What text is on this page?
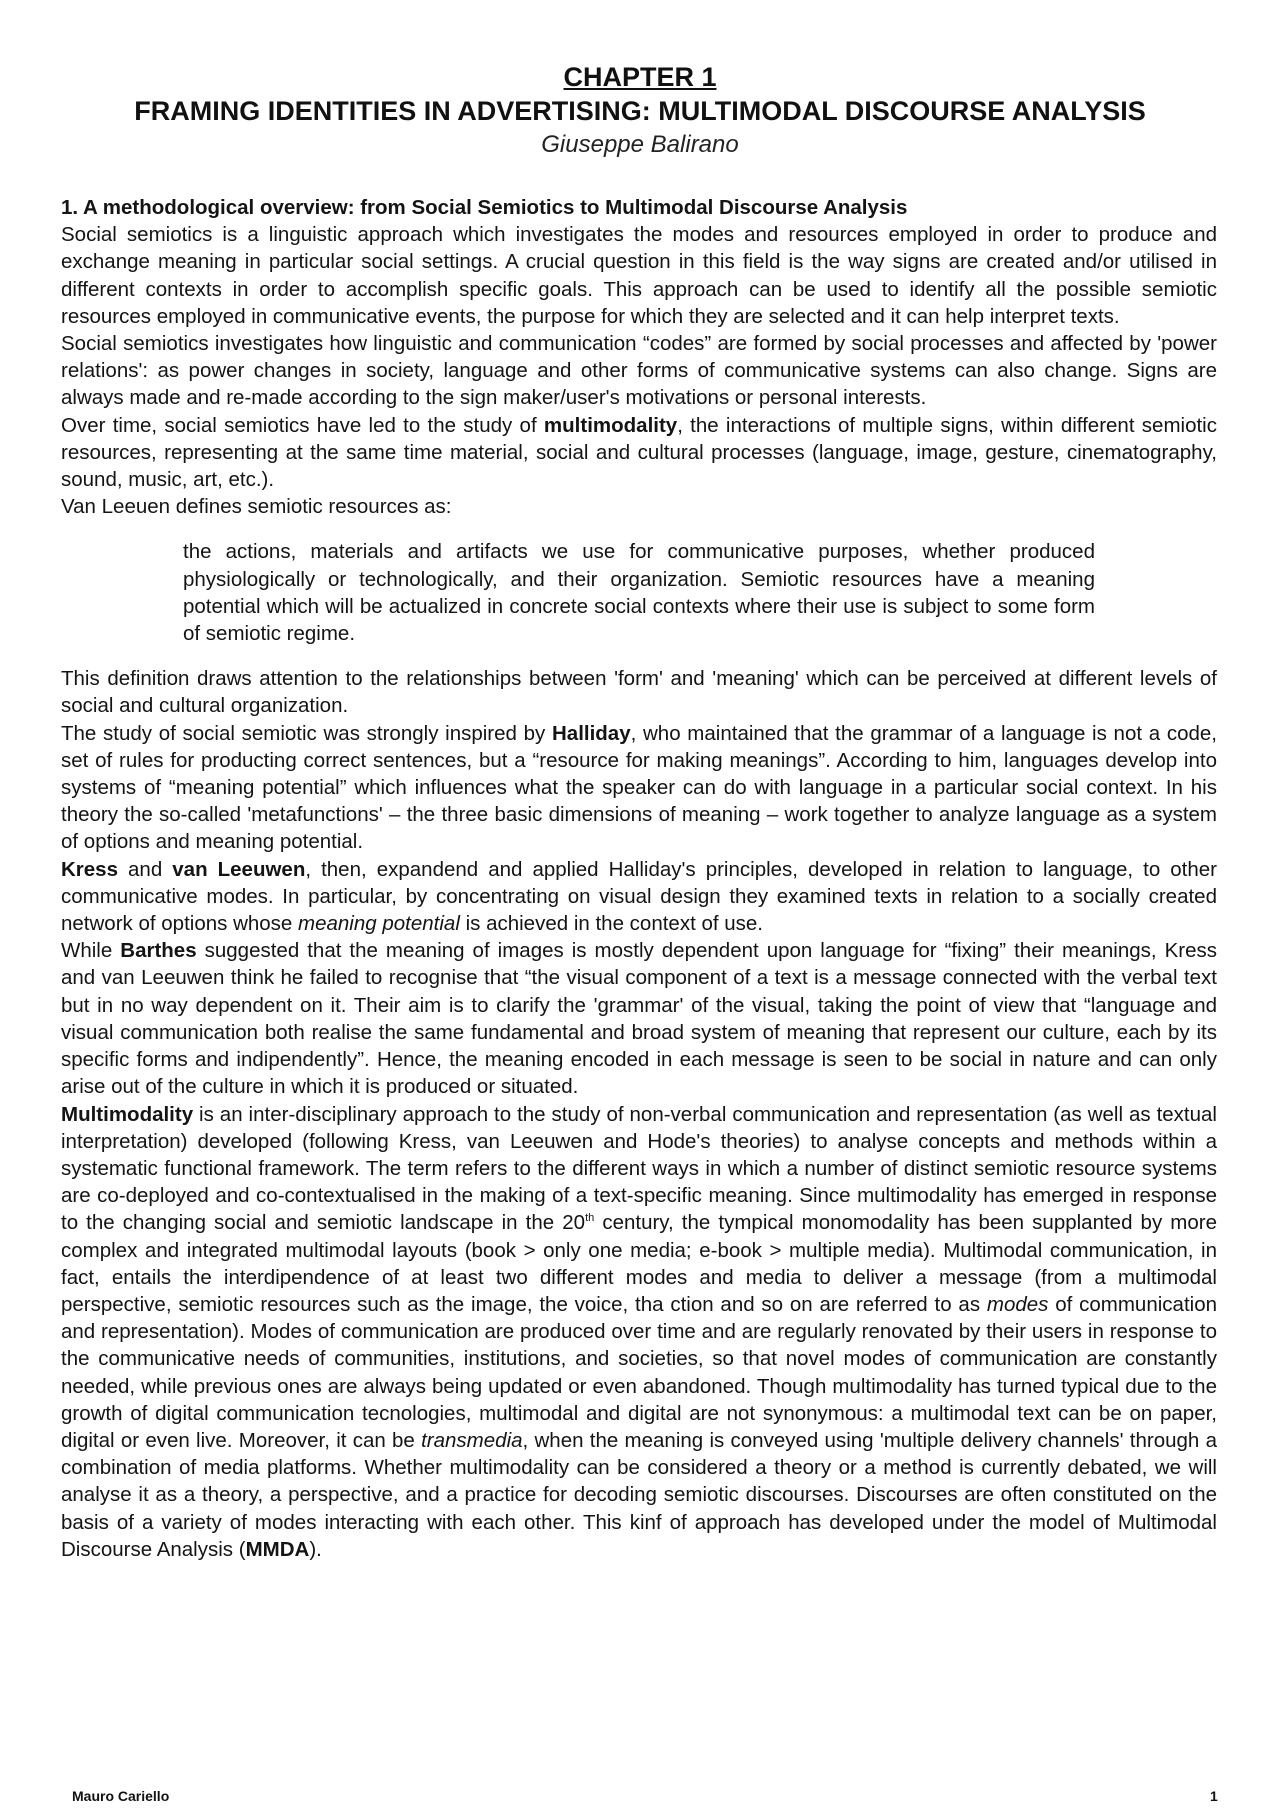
CHAPTER 1
FRAMING IDENTITIES IN ADVERTISING: MULTIMODAL DISCOURSE ANALYSIS
Giuseppe Balirano

1. A methodological overview: from Social Semiotics to Multimodal Discourse Analysis

Social semiotics is a linguistic approach which investigates the modes and resources employed in order to produce and exchange meaning in particular social settings. A crucial question in this field is the way signs are created and/or utilised in different contexts in order to accomplish specific goals. This approach can be used to identify all the possible semiotic resources employed in communicative events, the purpose for which they are selected and it can help interpret texts.

Social semiotics investigates how linguistic and communication “codes” are formed by social processes and affected by 'power relations': as power changes in society, language and other forms of communicative systems can also change. Signs are always made and re-made according to the sign maker/user's motivations or personal interests.

Over time, social semiotics have led to the study of multimodality, the interactions of multiple signs, within different semiotic resources, representing at the same time material, social and cultural processes (language, image, gesture, cinematography, sound, music, art, etc.).

Van Leeuen defines semiotic resources as:

the actions, materials and artifacts we use for communicative purposes, whether produced physiologically or technologically, and their organization. Semiotic resources have a meaning potential which will be actualized in concrete social contexts where their use is subject to some form of semiotic regime.

This definition draws attention to the relationships between 'form' and 'meaning' which can be perceived at different levels of social and cultural organization.

The study of social semiotic was strongly inspired by Halliday, who maintained that the grammar of a language is not a code, set of rules for producting correct sentences, but a “resource for making meanings”. According to him, languages develop into systems of “meaning potential” which influences what the speaker can do with language in a particular social context. In his theory the so-called 'metafunctions' – the three basic dimensions of meaning – work together to analyze language as a system of options and meaning potential.

Kress and van Leeuwen, then, expandend and applied Halliday's principles, developed in relation to language, to other communicative modes. In particular, by concentrating on visual design they examined texts in relation to a socially created network of options whose meaning potential is achieved in the context of use.

While Barthes suggested that the meaning of images is mostly dependent upon language for “fixing” their meanings, Kress and van Leeuwen think he failed to recognise that “the visual component of a text is a message connected with the verbal text but in no way dependent on it. Their aim is to clarify the 'grammar' of the visual, taking the point of view that “language and visual communication both realise the same fundamental and broad system of meaning that represent our culture, each by its specific forms and indipendently”. Hence, the meaning encoded in each message is seen to be social in nature and can only arise out of the culture in which it is produced or situated.

Multimodality is an inter-disciplinary approach to the study of non-verbal communication and representation (as well as textual interpretation) developed (following Kress, van Leeuwen and Hode's theories) to analyse concepts and methods within a systematic functional framework. The term refers to the different ways in which a number of distinct semiotic resource systems are co-deployed and co-contextualised in the making of a text-specific meaning. Since multimodality has emerged in response to the changing social and semiotic landscape in the 20th century, the tympical monomodality has been supplanted by more complex and integrated multimodal layouts (book > only one media; e-book > multiple media). Multimodal communication, in fact, entails the interdipendence of at least two different modes and media to deliver a message (from a multimodal perspective, semiotic resources such as the image, the voice, tha ction and so on are referred to as modes of communication and representation). Modes of communication are produced over time and are regularly renovated by their users in response to the communicative needs of communities, institutions, and societies, so that novel modes of communication are constantly needed, while previous ones are always being updated or even abandoned. Though multimodality has turned typical due to the growth of digital communication tecnologies, multimodal and digital are not synonymous: a multimodal text can be on paper, digital or even live. Moreover, it can be transmedia, when the meaning is conveyed using 'multiple delivery channels' through a combination of media platforms. Whether multimodality can be considered a theory or a method is currently debated, we will analyse it as a theory, a perspective, and a practice for decoding semiotic discourses. Discourses are often constituted on the basis of a variety of modes interacting with each other. This kinf of approach has developed under the model of Multimodal Discourse Analysis (MMDA).

Mauro Cariello	1
